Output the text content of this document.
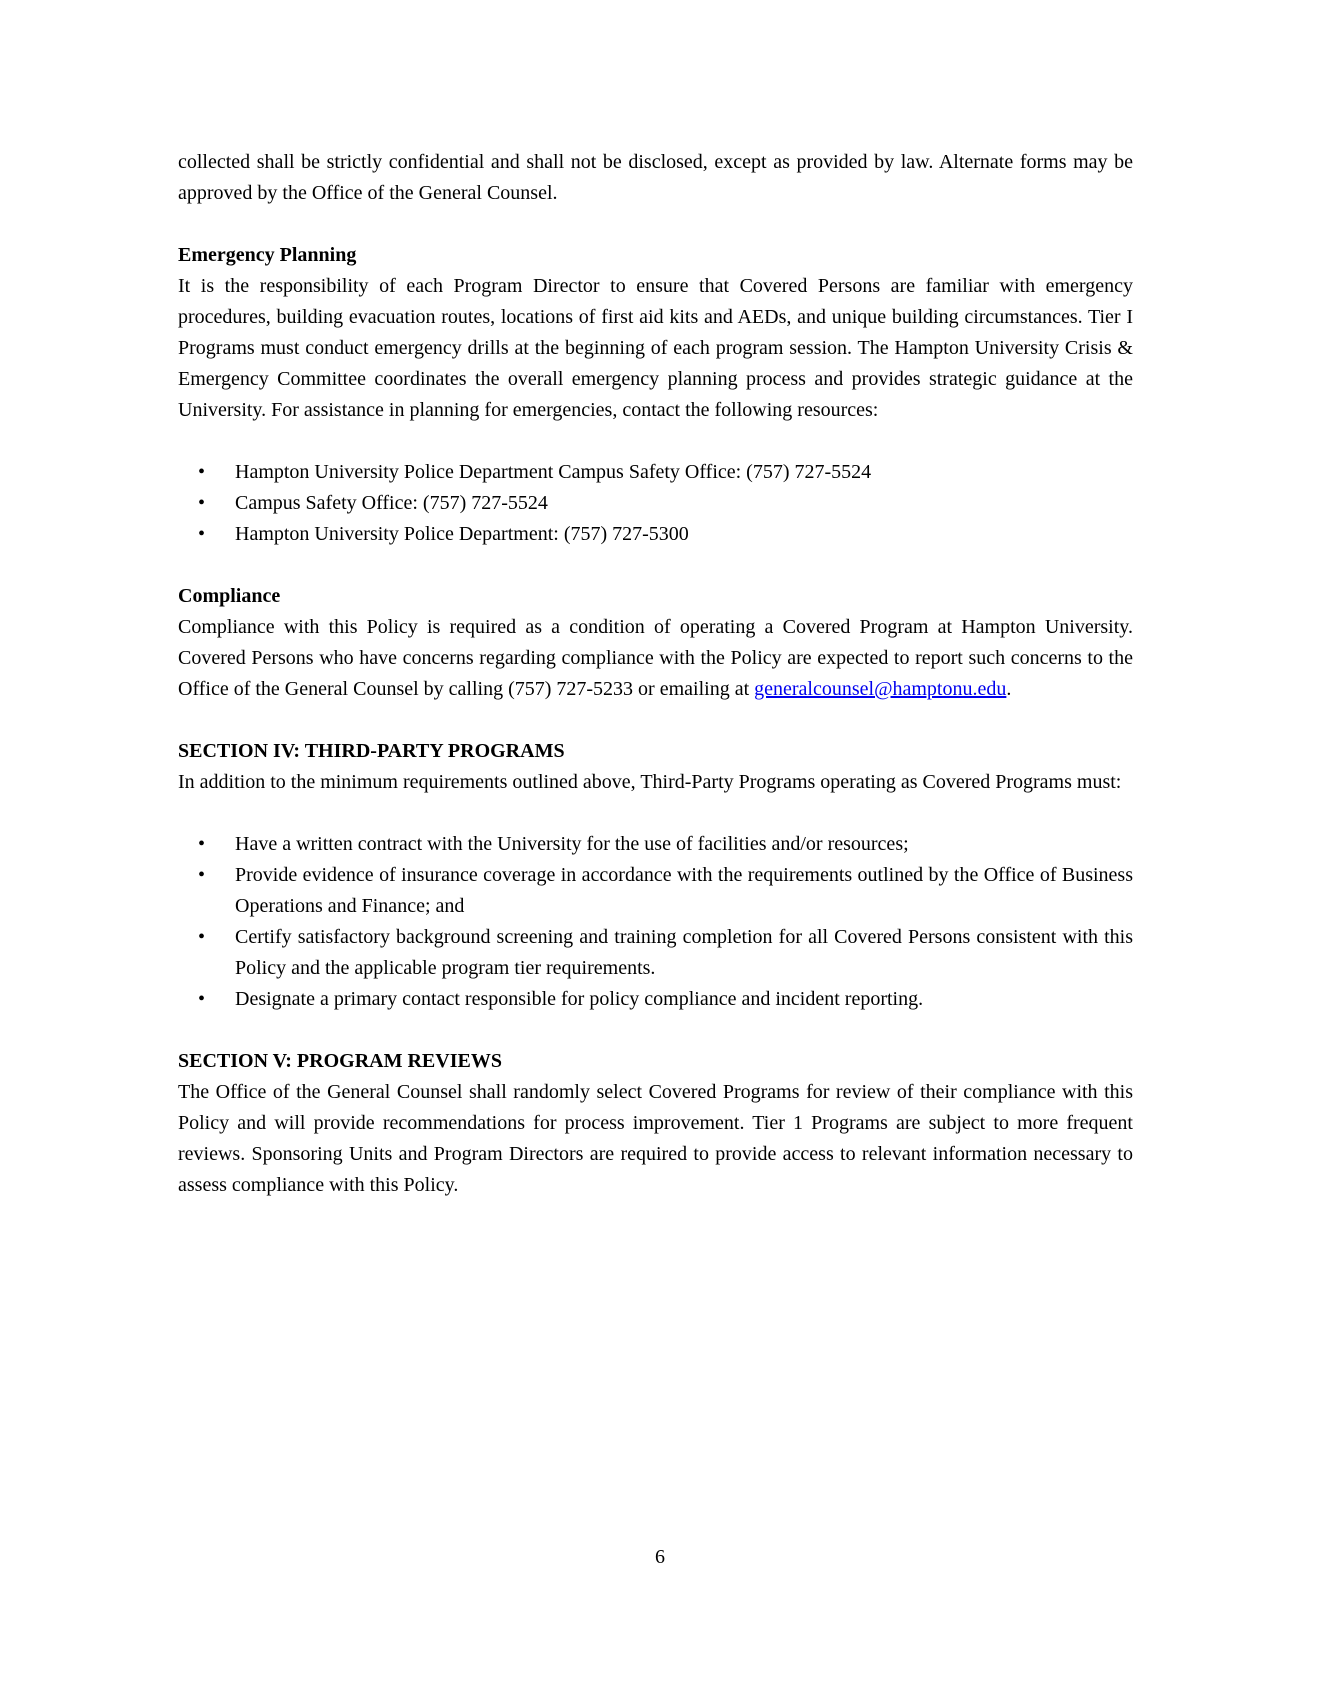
collected shall be strictly confidential and shall not be disclosed, except as provided by law. Alternate forms may be approved by the Office of the General Counsel.

Emergency Planning

It is the responsibility of each Program Director to ensure that Covered Persons are familiar with emergency procedures, building evacuation routes, locations of first aid kits and AEDs, and unique building circumstances. Tier I Programs must conduct emergency drills at the beginning of each program session. The Hampton University Crisis & Emergency Committee coordinates the overall emergency planning process and provides strategic guidance at the University. For assistance in planning for emergencies, contact the following resources:

• Hampton University Police Department Campus Safety Office: (757) 727-5524
• Campus Safety Office: (757) 727-5524
• Hampton University Police Department: (757) 727-5300

Compliance

Compliance with this Policy is required as a condition of operating a Covered Program at Hampton University. Covered Persons who have concerns regarding compliance with the Policy are expected to report such concerns to the Office of the General Counsel by calling (757) 727-5233 or emailing at generalcounsel@hamptonu.edu.

SECTION IV: THIRD-PARTY PROGRAMS

In addition to the minimum requirements outlined above, Third-Party Programs operating as Covered Programs must:

• Have a written contract with the University for the use of facilities and/or resources;
• Provide evidence of insurance coverage in accordance with the requirements outlined by the Office of Business Operations and Finance; and
• Certify satisfactory background screening and training completion for all Covered Persons consistent with this Policy and the applicable program tier requirements.
• Designate a primary contact responsible for policy compliance and incident reporting.

SECTION V: PROGRAM REVIEWS

The Office of the General Counsel shall randomly select Covered Programs for review of their compliance with this Policy and will provide recommendations for process improvement. Tier 1 Programs are subject to more frequent reviews. Sponsoring Units and Program Directors are required to provide access to relevant information necessary to assess compliance with this Policy.

6
